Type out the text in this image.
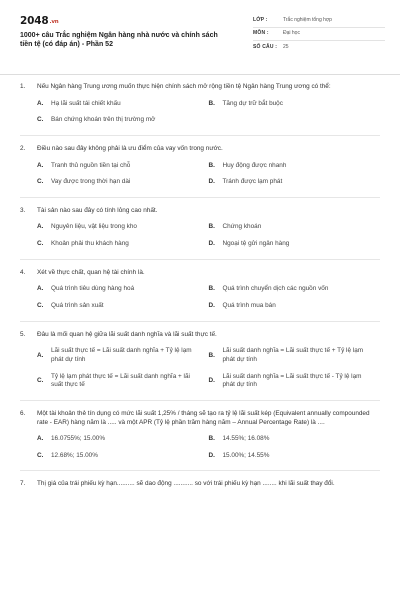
2048.vn
1000+ câu Trắc nghiệm Ngân hàng nhà nước và chính sách tiền tệ (có đáp án) - Phần 52
LỚP :	Trắc nghiệm tổng hợp
MÔN :	Đại học
SỐ CÂU :	25
1.	Nếu Ngân hàng Trung ương muốn thực hiện chính sách mở rộng tiền tệ Ngân hàng Trung ương có thể:
A.	Hạ lãi suất tái chiết khấu	B.	Tăng dự trữ bắt buộc
C.	Bán chứng khoán trên thị trường mở
2.	Điều nào sau đây không phải là ưu điểm của vay vốn trong nước.
A.	Tranh thủ nguồn tiền tại chỗ	B.	Huy động được nhanh
C.	Vay được trong thời hạn dài	D.	Tránh được lạm phát
3.	Tài sản nào sau đây có tính lỏng cao nhất.
A.	Nguyên liệu, vật liệu trong kho	B.	Chứng khoán
C.	Khoản phải thu khách hàng	D.	Ngoại tệ gửi ngân hàng
4.	Xét về thực chất, quan hệ tài chính là.
A.	Quá trình tiêu dùng hàng hoá	B.	Quá trình chuyển dịch các nguồn vốn
C.	Quá trình sản xuất	D.	Quá trình mua bán
5.	Đâu là mối quan hệ giữa lãi suất danh nghĩa và lãi suất thực tế.
A.
Lãi suất thực tế = Lãi suất danh nghĩa + Tỷ lệ lạm phát dự tính
B.
Lãi suất danh nghĩa = Lãi suất thực tế + Tỷ lệ lạm phát dự tính
C.
Tỷ lệ lạm phát thực tế = Lãi suất danh nghĩa + lãi suất thực tế
D.
Lãi suất danh nghĩa = Lãi suất thực tế - Tỷ lệ lạm phát dự tính
6.	Một tài khoản thẻ tín dụng có mức lãi suất 1,25% / tháng sẽ tạo ra tỷ lệ lãi suất kép (Equivalent annually compounded rate - EAR) hàng năm là ..... và một APR (Tỷ lệ phần trăm hàng năm – Annual Percentage Rate) là ....
A.	16.0755%; 15.00%	B.	14.55%; 16.08%
C.	12.68%; 15.00%	D.	15.00%; 14.55%
7.	Thị giá của trái phiếu kỳ hạn.......... sẽ dao động ........... so với trái phiếu kỳ hạn ........ khi lãi suất thay đổi.
